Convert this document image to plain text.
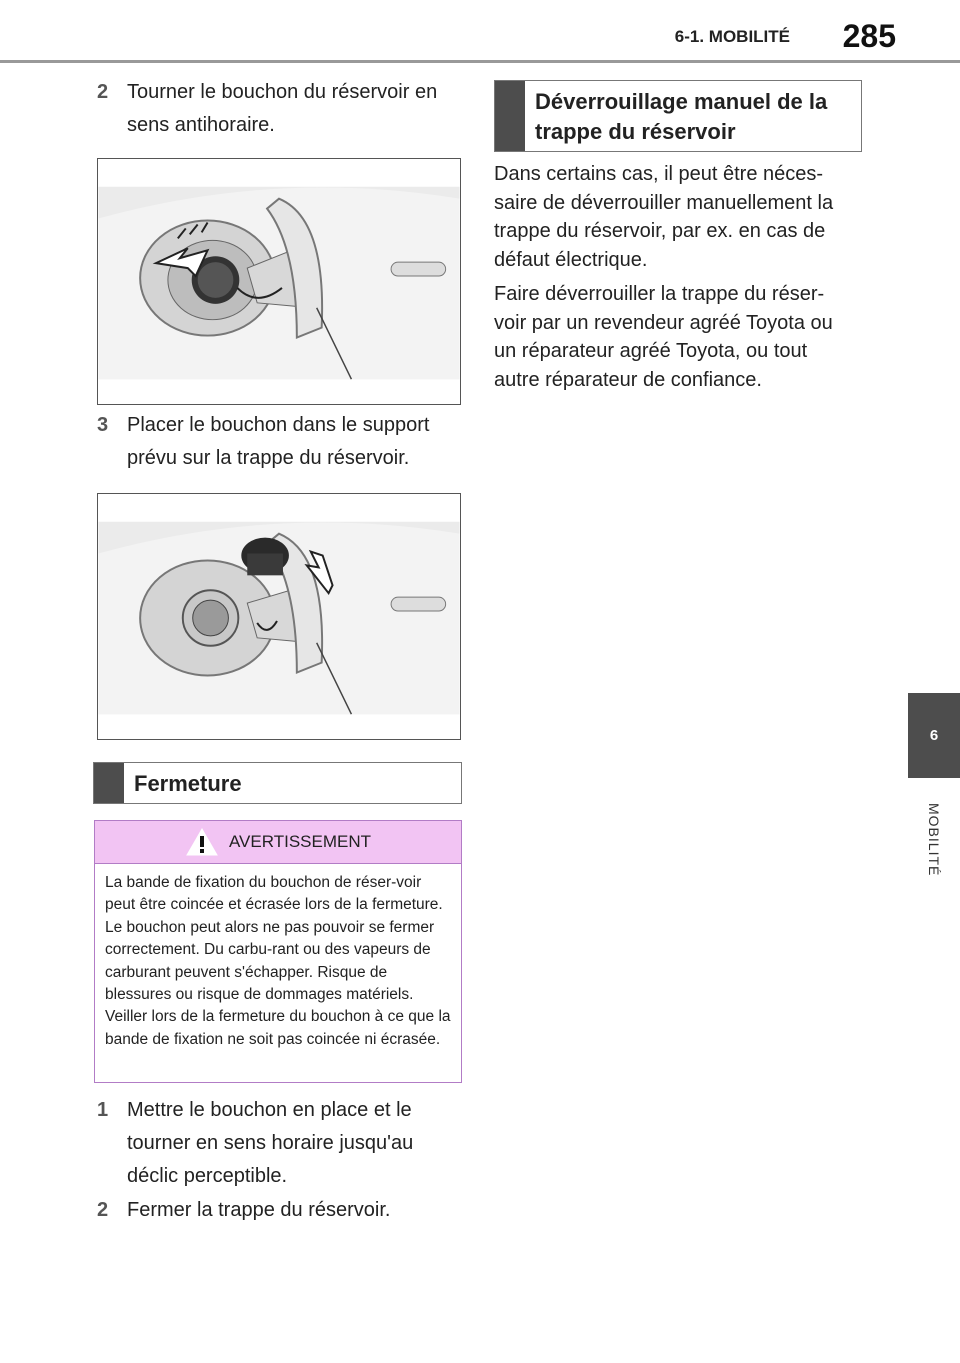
6-1. MOBILITÉ	285
6
MOBILITÉ
2 Tourner le bouchon du réservoir en sens antihoraire.
3 Placer le bouchon dans le support prévu sur la trappe du réservoir.
Fermeture
AVERTISSEMENT
La bande de fixation du bouchon de réser-voir peut être coincée et écrasée lors de la fermeture. Le bouchon peut alors ne pas pouvoir se fermer correctement. Du carbu-rant ou des vapeurs de carburant peuvent s'échapper. Risque de blessures ou risque de dommages matériels. Veiller lors de la fermeture du bouchon à ce que la bande de fixation ne soit pas coincée ni écrasée.
1 Mettre le bouchon en place et le tourner en sens horaire jusqu'au déclic perceptible.
2 Fermer la trappe du réservoir.
Déverrouillage manuel de la trappe du réservoir

Dans certains cas, il peut être néces-saire de déverrouiller manuellement la trappe du réservoir, par ex. en cas de défaut électrique.

Faire déverrouiller la trappe du réser-voir par un revendeur agréé Toyota ou un réparateur agréé Toyota, ou tout autre réparateur de confiance.
